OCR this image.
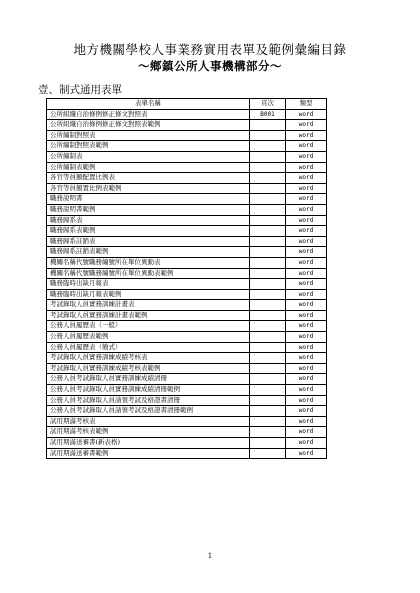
地方機關學校人事業務實用表單及範例彙編目錄
〜鄉鎮公所人事機構部分〜
壹、制式通用表單
表單名稱	頁次	類型
公所組織自治條例修正條文對照表	B001	word
公所組織自治條例修正條文對照表範例		word
公所編制對照表		word
公所編制對照表範例		word
公所編制表		word
公所編制表範例		word
各官等員額配置比例表		word
各官等員額置比例表範例		word
職務說明書		word
職務說明書範例		word
職務歸系表		word
職務歸系表範例		word
職務歸系註銷表		word
職務歸系註銷表範例		word
機關名稱代號職務編號所在單位異動表		word
機關名稱代號職務編號所在單位異動表範例		word
職務臨時出缺月報表		word
職務臨時出缺月報表範例		word
考試錄取人員實務訓練計畫表		word
考試錄取人員實務訓練計畫表範例		word
公務人員履歷表（一般）		word
公務人員履歷表範例		word
公務人員履歷表（簡式）		word
考試錄取人員實務訓練成績考核表		word
考試錄取人員實務訓練成績考核表範例		word
公務人員考試錄取人員實務訓練成績清冊		word
公務人員考試錄取人員實務訓練成績清冊範例		word
公務人員考試錄取人員請領考試及格證書清冊		word
公務人員考試錄取人員請領考試及格證書清冊範例		word
試用期滿考核表		word
試用期滿考核表範例		word
試用期滿送審書(新表格)		word
試用期滿送審書範例		word
1
